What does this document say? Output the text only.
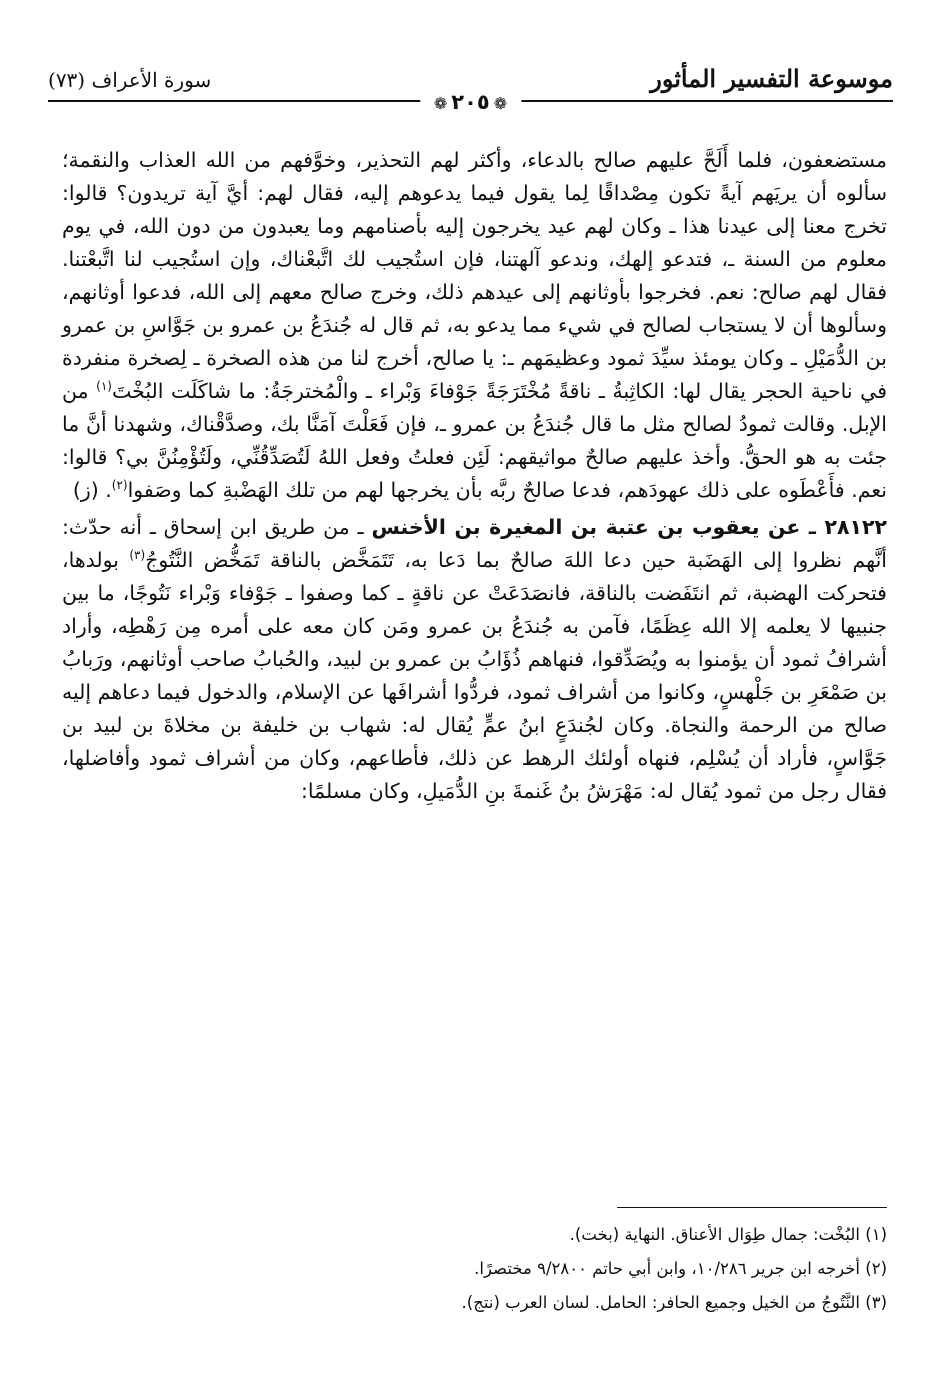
موسوعة التفسير المأثور
❁٢٠٥❁
سورة الأعراف (٧٣)

مستضعفون، فلما أَلَحَّ عليهم صالح بالدعاء، وأكثر لهم التحذير، وخوَّفهم من الله العذاب والنقمة؛ سألوه أن يريَهم آيةً تكون مِصْداقًا لِما يقول فيما يدعوهم إليه، فقال لهم: أيَّ آية تريدون؟ قالوا: تخرج معنا إلى عيدنا هذا ـ وكان لهم عيد يخرجون إليه بأصنامهم وما يعبدون من دون الله، في يوم معلوم من السنة ـ، فتدعو إلهك، وندعو آلهتنا، فإن استُجيب لك اتَّبعْناك، وإن استُجيب لنا اتَّبعْتنا. فقال لهم صالح: نعم. فخرجوا بأوثانهم إلى عيدهم ذلك، وخرج صالح معهم إلى الله، فدعوا أوثانهم، وسألوها أن لا يستجاب لصالح في شيء مما يدعو به، ثم قال له جُندَعُ بن عمرو بن جَوَّاسِ بن عمرو بن الدُّمَيْلِ ـ وكان يومئذ سيِّدَ ثمود وعظيمَهم ـ: يا صالح، أخرج لنا من هذه الصخرة ـ لِصخرة منفردة في ناحية الحجر يقال لها: الكاثِبةُ ـ ناقةً مُخْتَرَجَةً جَوْفاءَ وَبْراء ـ والْمُخترجَةُ: ما شاكَلَت البُخْتَ$^{(١)}$ من الإبل. وقالت ثمودُ لصالح مثل ما قال جُندَعُ بن عمرو ـ، فإن فَعَلْتَ آمَنَّا بك، وصدَّقْناك، وشهدنا أنَّ ما جئت به هو الحقُّ. وأخذ عليهم صالحٌ مواثيقهم: لَئِن فعلتُ وفعل اللهُ لَتُصَدِّقُنِّي، ولَتُؤْمِنُنَّ بي؟ قالوا: نعم. فأَعْطَوه على ذلك عهودَهم، فدعا صالحٌ ربَّه بأن يخرجها لهم من تلك الهَضْبةِ كما وصَفوا$^{(٢)}$. (ز)

٢٨١٢٢ ـ عن يعقوب بن عتبة بن المغيرة بن الأخنس ـ من طريق ابن إسحاق ـ أنه حدّث: أنَّهم نظروا إلى الهَضَبة حين دعا اللهَ صالحٌ بما دَعا به، تَتَمَخَّض بالناقة تَمَخُّض النَّتُوجُ$^{(٣)}$ بولدها، فتحركت الهضبة، ثم انتَفَضت بالناقة، فانصَدَعَتْ عن ناقةٍ ـ كما وصفوا ـ جَوْفاء وَبْراء نَتُوجًا، ما بين جنبيها لا يعلمه إلا الله عِظَمًا، فآمن به جُندَعُ بن عمرو ومَن كان معه على أمره مِن رَهْطِه، وأراد أشرافُ ثمود أن يؤمنوا به ويُصَدِّقوا، فنهاهم ذُؤَابُ بن عمرو بن لبيد، والحُبابُ صاحب أوثانهم، ورَبابُ بن صَمْعَرِ بن جَلْهسٍ، وكانوا من أشراف ثمود، فردُّوا أشرافَها عن الإسلام، والدخول فيما دعاهم إليه صالح من الرحمة والنجاة. وكان لجُندَعٍ ابنُ عمٍّ يُقال له: شهاب بن خليفة بن مخلاةَ بن لبيد بن جَوَّاسٍ، فأراد أن يُسْلِم، فنهاه أولئك الرهط عن ذلك، فأطاعهم، وكان من أشراف ثمود وأفاضلها، فقال رجل من ثمود يُقال له: مَهْرَشُ بنُ غَنمةَ بنِ الدُّمَيلِ، وكان مسلمًا:

(١) البُخْت: جمال طِوَال الأعناق. النهاية (بخت).
(٢) أخرجه ابن جرير ١٠/٢٨٦، وابن أبي حاتم ٩/٢٨٠٠ مختصرًا.
(٣) النَّتُوجُ من الخيل وجميع الحافر: الحامل. لسان العرب (نتج).
